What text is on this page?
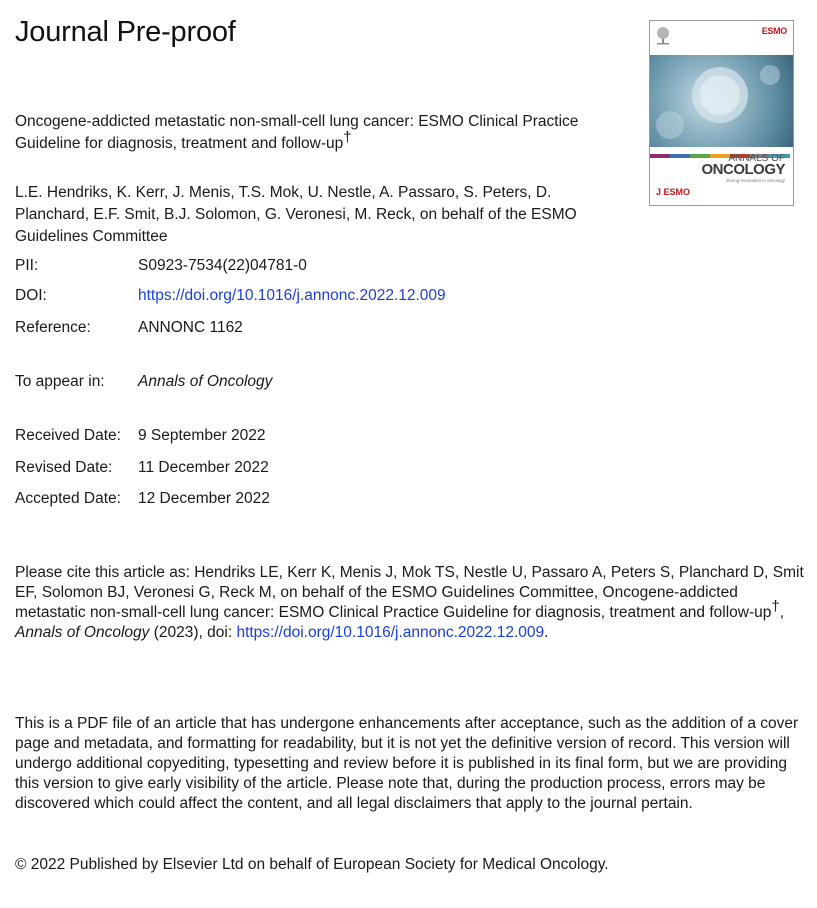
Journal Pre-proof	ESMO
ANNALS OF
ONCOLOGY
driving innovation in oncology
J ESMO
Oncogene-addicted metastatic non-small-cell lung cancer: ESMO Clinical Practice Guideline for diagnosis, treatment and follow-up†
L.E. Hendriks, K. Kerr, J. Menis, T.S. Mok, U. Nestle, A. Passaro, S. Peters, D. Planchard, E.F. Smit, B.J. Solomon, G. Veronesi, M. Reck, on behalf of the ESMO Guidelines Committee
PII:	S0923-7534(22)04781-0
DOI:	https://doi.org/10.1016/j.annonc.2022.12.009
Reference:	ANNONC 1162
To appear in: Annals of Oncology
Received Date: 9 September 2022
Revised Date: 11 December 2022
Accepted Date: 12 December 2022
Please cite this article as: Hendriks LE, Kerr K, Menis J, Mok TS, Nestle U, Passaro A, Peters S, Planchard D, Smit EF, Solomon BJ, Veronesi G, Reck M, on behalf of the ESMO Guidelines Committee, Oncogene-addicted metastatic non-small-cell lung cancer: ESMO Clinical Practice Guideline for diagnosis, treatment and follow-up†, Annals of Oncology (2023), doi: https://doi.org/10.1016/j.annonc.2022.12.009.
This is a PDF file of an article that has undergone enhancements after acceptance, such as the addition of a cover page and metadata, and formatting for readability, but it is not yet the definitive version of record. This version will undergo additional copyediting, typesetting and review before it is published in its final form, but we are providing this version to give early visibility of the article. Please note that, during the production process, errors may be discovered which could affect the content, and all legal disclaimers that apply to the journal pertain.
© 2022 Published by Elsevier Ltd on behalf of European Society for Medical Oncology.
